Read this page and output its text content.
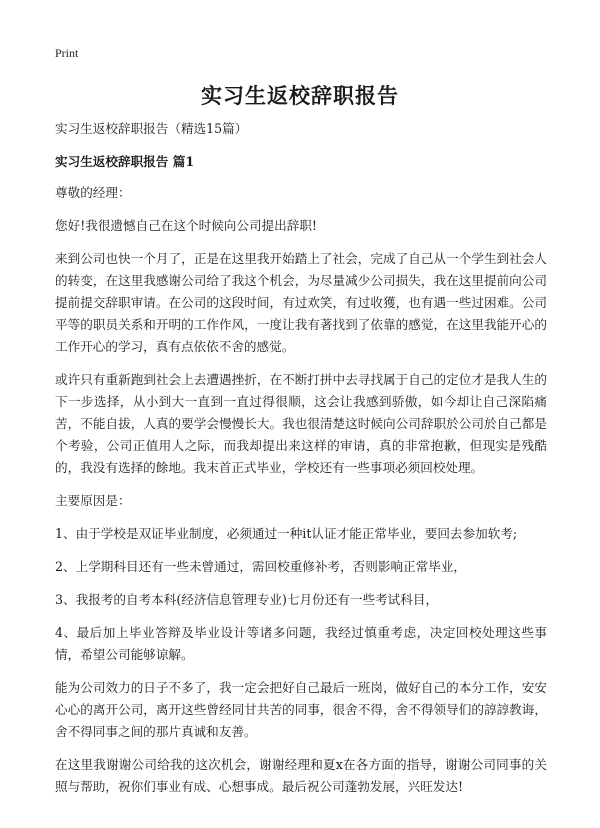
Print
实习生返校辞职报告

实习生返校辞职报告（精选15篇）

实习生返校辞职报告 篇1

尊敬的经理：

您好!我很遗憾自己在这个时候向公司提出辞职!

来到公司也快一个月了，正是在这里我开始踏上了社会，完成了自己从一个学生到社会人的转变，在这里我感谢公司给了我这个机会，为尽量减少公司损失，我在这里提前向公司提前提交辞职审请。在公司的这段时间，有过欢笑，有过收獲，也有遇一些过困难。公司平等的职员关系和开明的工作作风，一度让我有著找到了依靠的感觉，在这里我能开心的工作开心的学习，真有点依依不舍的感觉。

或许只有重新跑到社会上去遭遇挫折，在不断打拼中去寻找属于自己的定位才是我人生的下一步选择，从小到大一直到一直过得很顺，这会让我感到骄傲，如今却让自己深陷痛苦，不能自拔，人真的要学会慢慢长大。我也很清楚这时候向公司辞职於公司於自己都是个考验，公司正值用人之际，而我却提出来这样的审请，真的非常抱歉，但现实是残酷的，我没有选择的餘地。我末首正式毕业，学校还有一些事项必须回校处理。

主要原因是：

1、由于学校是双证毕业制度，必须通过一种it认证才能正常毕业，要回去参加软考;

2、上学期科目还有一些未曾通过，需回校重修补考，否则影响正常毕业，

3、我报考的自考本科(经济信息管理专业)七月份还有一些考试科目，

4、最后加上毕业答辩及毕业设计等诸多问题，我经过慎重考虑，决定回校处理这些事情，希望公司能够谅解。

能为公司效力的日子不多了，我一定会把好自己最后一班岗，做好自己的本分工作，安安心心的离开公司，离开这些曾经同甘共苦的同事，很舍不得，舍不得领导们的諄諄教诲，舍不得同事之间的那片真诚和友善。

在这里我谢谢公司给我的这次机会，谢谢经理和夏x在各方面的指导，谢谢公司同事的关照与帮助，祝你们事业有成、心想事成。最后祝公司蓬勃发展，兴旺发达!
